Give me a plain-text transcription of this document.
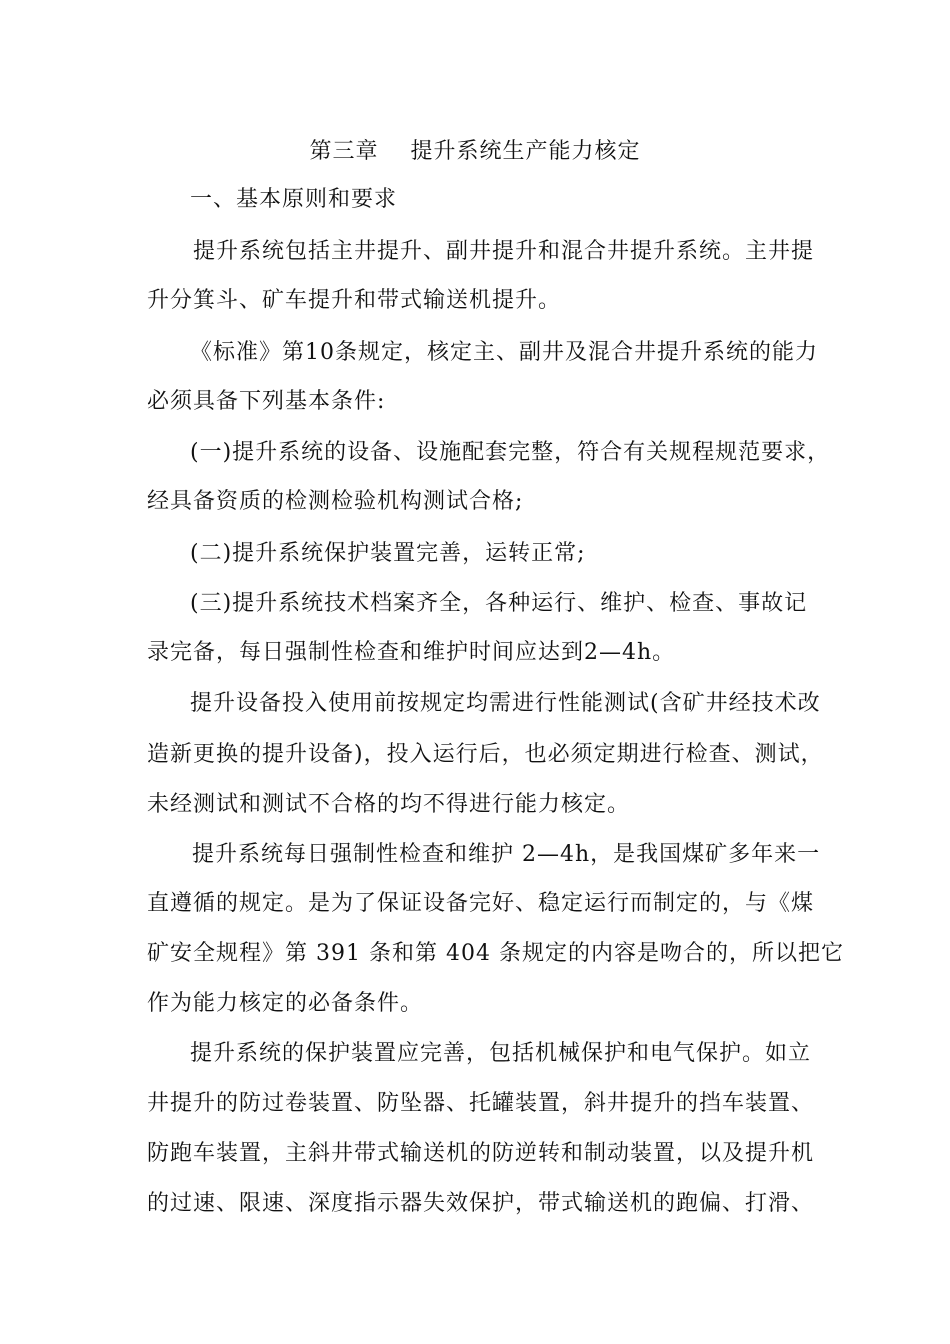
第三章    提升系统生产能力核定
一、基本原则和要求
提升系统包括主井提升、副井提升和混合井提升系统。主井提
升分箕斗、矿车提升和带式输送机提升。
《标准》第10条规定，核定主、副井及混合井提升系统的能力
必须具备下列基本条件:
(一)提升系统的设备、设施配套完整，符合有关规程规范要求，
经具备资质的检测检验机构测试合格;
(二)提升系统保护装置完善，运转正常;
(三)提升系统技术档案齐全，各种运行、维护、检查、事故记
录完备，每日强制性检查和维护时间应达到2—4h。
提升设备投入使用前按规定均需进行性能测试(含矿井经技术改
造新更换的提升设备)，投入运行后，也必须定期进行检查、测试，
未经测试和测试不合格的均不得进行能力核定。
提升系统每日强制性检查和维护 2—4h，是我国煤矿多年来一
直遵循的规定。是为了保证设备完好、稳定运行而制定的，与《煤
矿安全规程》第 391 条和第 404 条规定的内容是吻合的，所以把它
作为能力核定的必备条件。
提升系统的保护装置应完善，包括机械保护和电气保护。如立
井提升的防过卷装置、防坠器、托罐装置，斜井提升的挡车装置、
防跑车装置，主斜井带式输送机的防逆转和制动装置，以及提升机
的过速、限速、深度指示器失效保护，带式输送机的跑偏、打滑、
